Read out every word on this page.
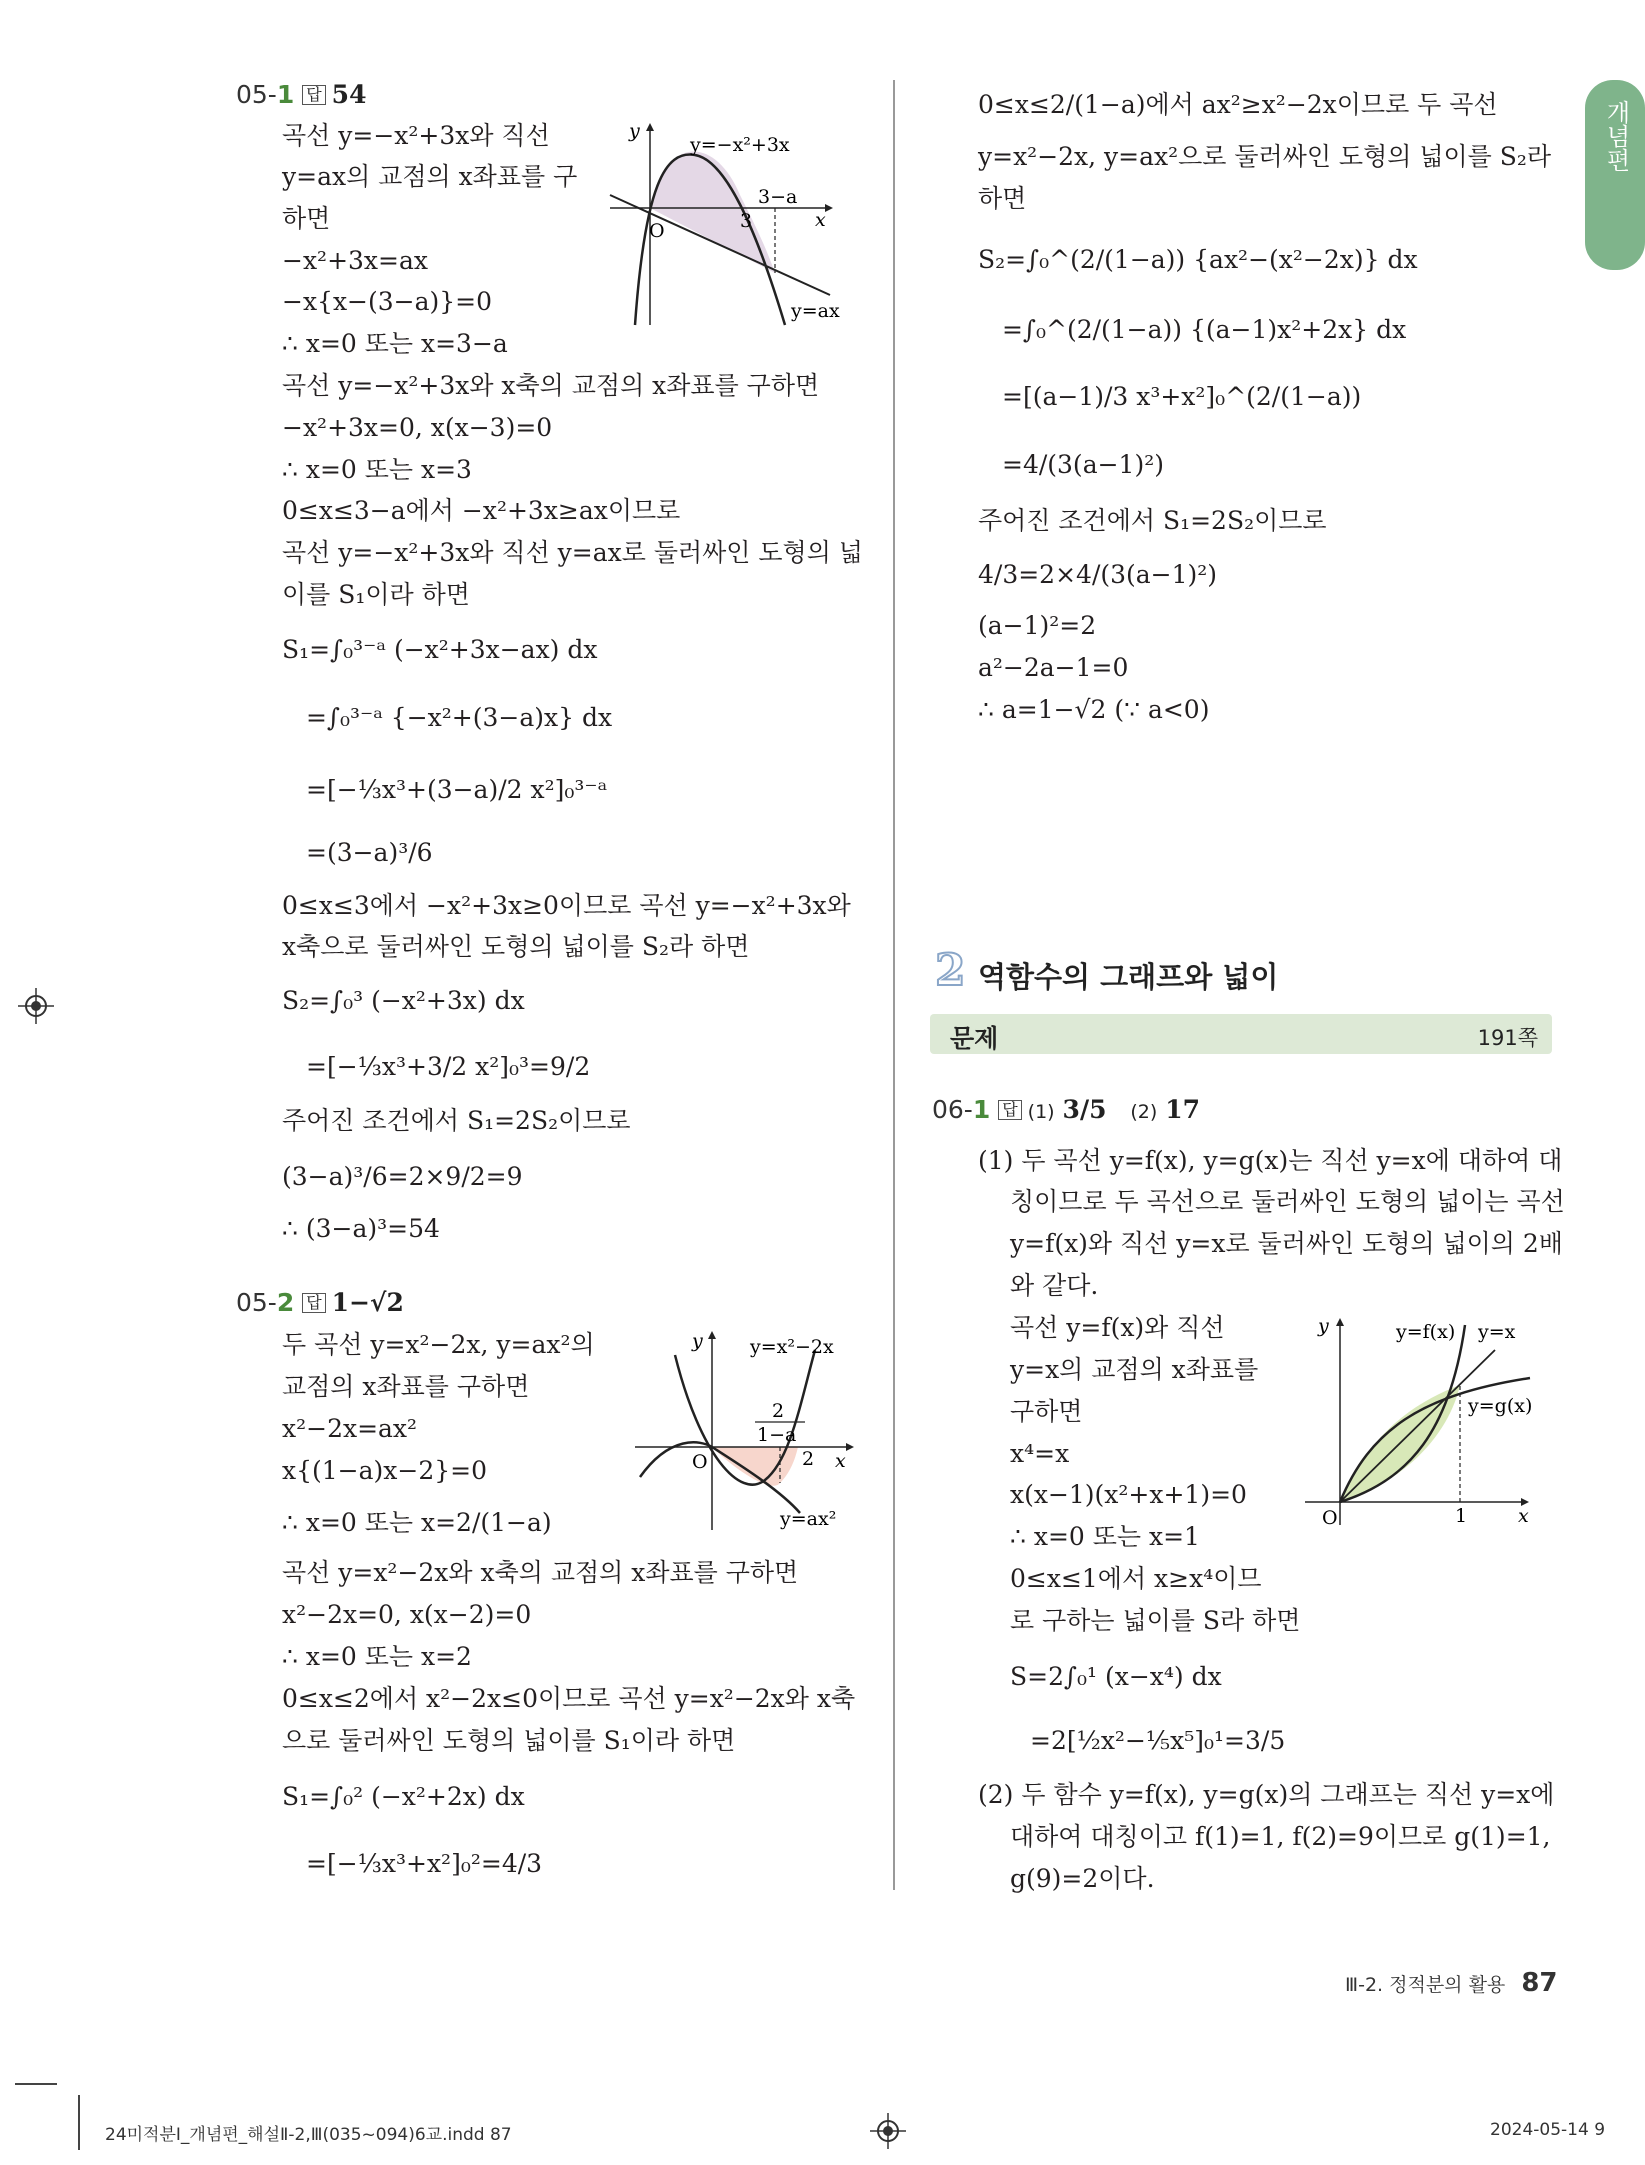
개념편
05-1 답 54
곡선 y=−x²+3x와 직선
y=ax의 교점의 x좌표를 구
하면
−x²+3x=ax
−x{x−(3−a)}=0
∴ x=0 또는 x=3−a
곡선 y=−x²+3x와 x축의 교점의 x좌표를 구하면
−x²+3x=0, x(x−3)=0
∴ x=0 또는 x=3
0≤x≤3−a에서 −x²+3x≥ax이므로
곡선 y=−x²+3x와 직선 y=ax로 둘러싸인 도형의 넓
이를 S₁이라 하면
S₁=∫₀³⁻ᵃ (−x²+3x−ax) dx
=∫₀³⁻ᵃ {−x²+(3−a)x} dx
=[−⅓x³+(3−a)/2 x²]₀³⁻ᵃ
=(3−a)³/6
0≤x≤3에서 −x²+3x≥0이므로 곡선 y=−x²+3x와
x축으로 둘러싸인 도형의 넓이를 S₂라 하면
S₂=∫₀³ (−x²+3x) dx
=[−⅓x³+3/2 x²]₀³=9/2
주어진 조건에서 S₁=2S₂이므로
(3−a)³/6=2×9/2=9
∴ (3−a)³=54
y
x
O
y=−x²+3x
y=ax
3
3−a
05-2 답 1−√2
두 곡선 y=x²−2x, y=ax²의
교점의 x좌표를 구하면
x²−2x=ax²
x{(1−a)x−2}=0
∴ x=0 또는 x=2/(1−a)
곡선 y=x²−2x와 x축의 교점의 x좌표를 구하면
x²−2x=0, x(x−2)=0
∴ x=0 또는 x=2
0≤x≤2에서 x²−2x≤0이므로 곡선 y=x²−2x와 x축
으로 둘러싸인 도형의 넓이를 S₁이라 하면
S₁=∫₀² (−x²+2x) dx
=[−⅓x³+x²]₀²=4/3
y
x
O
y=x²−2x
y=ax²
2
2
1−a
0≤x≤2/(1−a)에서 ax²≥x²−2x이므로 두 곡선
y=x²−2x, y=ax²으로 둘러싸인 도형의 넓이를 S₂라
하면
S₂=∫₀^(2/(1−a)) {ax²−(x²−2x)} dx
=∫₀^(2/(1−a)) {(a−1)x²+2x} dx
=[(a−1)/3 x³+x²]₀^(2/(1−a))
=4/(3(a−1)²)
주어진 조건에서 S₁=2S₂이므로
4/3=2×4/(3(a−1)²)
(a−1)²=2
a²−2a−1=0
∴ a=1−√2 (∵ a<0)
2 역함수의 그래프와 넓이
문제	191쪽
06-1 답 (1) 3/5 (2) 17
(1) 두 곡선 y=f(x), y=g(x)는 직선 y=x에 대하여 대
칭이므로 두 곡선으로 둘러싸인 도형의 넓이는 곡선
y=f(x)와 직선 y=x로 둘러싸인 도형의 넓이의 2배
와 같다.
곡선 y=f(x)와 직선
y=x의 교점의 x좌표를
구하면
x⁴=x
x(x−1)(x²+x+1)=0
∴ x=0 또는 x=1
0≤x≤1에서 x≥x⁴이므
로 구하는 넓이를 S라 하면
S=2∫₀¹ (x−x⁴) dx
=2[½x²−⅕x⁵]₀¹=3/5
(2) 두 함수 y=f(x), y=g(x)의 그래프는 직선 y=x에
대하여 대칭이고 f(1)=1, f(2)=9이므로 g(1)=1,
g(9)=2이다.
y
x
O
y=f(x) y=x
y=g(x)
1
Ⅲ-2. 정적분의 활용 87
24미적분Ⅰ_개념편_해설Ⅱ-2,Ⅲ(035~094)6교.indd 87	2024-05-14 9
